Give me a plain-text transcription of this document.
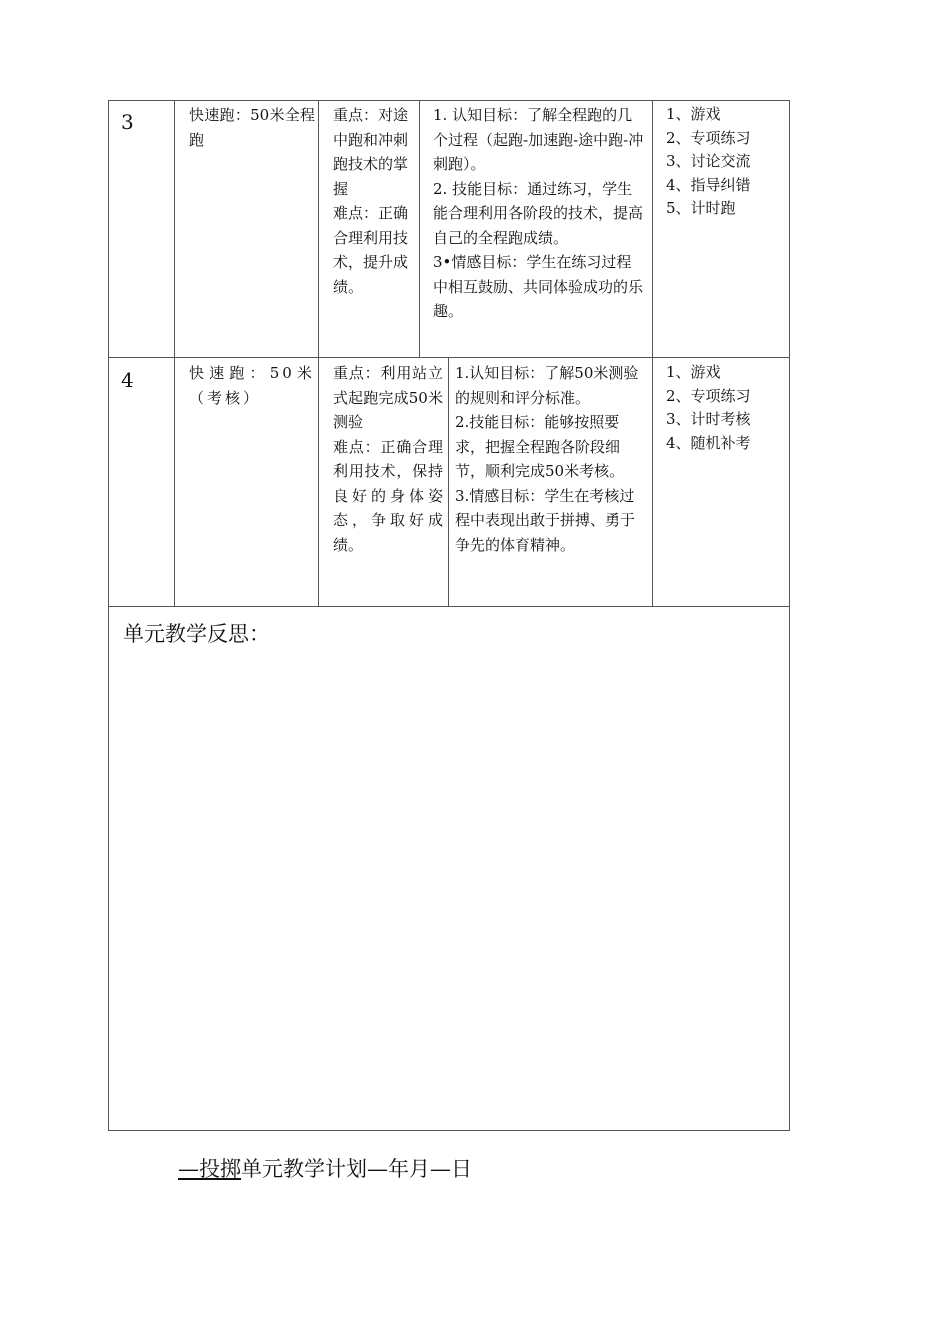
3	快速跑：50米全程跑
重点：对途中跑和冲刺跑技术的掌握
难点：正确合理利用技术，提升成绩。
1. 认知目标：了解全程跑的几个过程（起跑-加速跑-途中跑-冲刺跑）。
2. 技能目标：通过练习，学生能合理利用各阶段的技术，提高自己的全程跑成绩。
3•情感目标：学生在练习过程中相互鼓励、共同体验成功的乐趣。
1、游戏
2、专项练习
3、讨论交流
4、指导纠错
5、计时跑
4	快速跑：50米（考核）
重点：利用站立式起跑完成50米测验
难点：正确合理利用技术，保持良好的身体姿态，争取好成绩。
1.认知目标：了解50米测验的规则和评分标准。
2.技能目标：能够按照要求，把握全程跑各阶段细节，顺利完成50米考核。
3.情感目标：学生在考核过程中表现出敢于拼搏、勇于争先的体育精神。
1、游戏
2、专项练习
3、计时考核
4、随机补考
单元教学反思：
—投掷单元教学计划—年月—日
